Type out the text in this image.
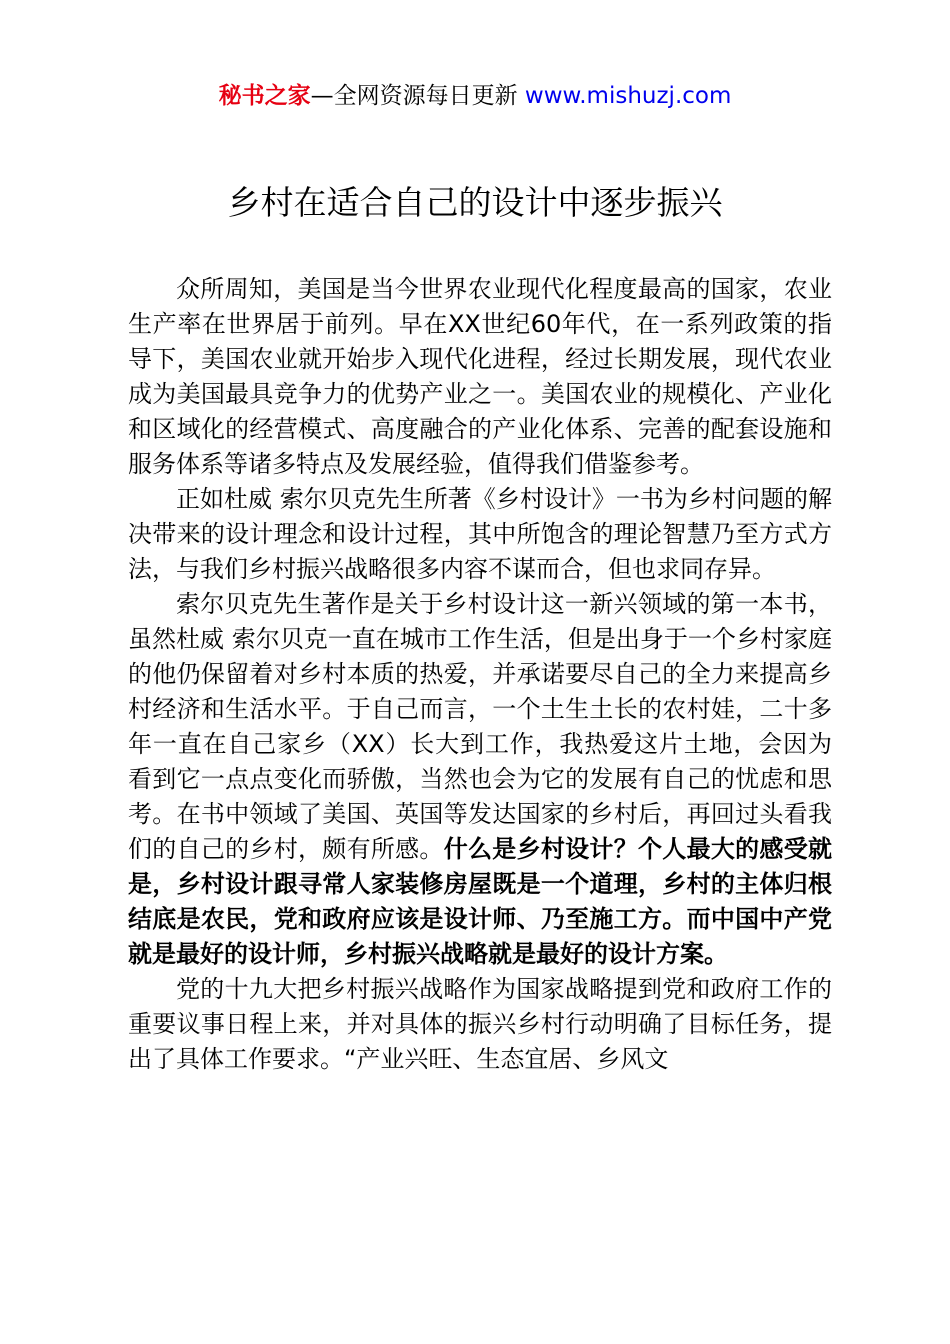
秘书之家—全网资源每日更新 www.mishuzj.com
乡村在适合自己的设计中逐步振兴

众所周知，美国是当今世界农业现代化程度最高的国家，农业生产率在世界居于前列。早在XX世纪60年代，在一系列政策的指导下，美国农业就开始步入现代化进程，经过长期发展，现代农业成为美国最具竞争力的优势产业之一。美国农业的规模化、产业化和区域化的经营模式、高度融合的产业化体系、完善的配套设施和服务体系等诸多特点及发展经验，值得我们借鉴参考。

正如杜威 索尔贝克先生所著《乡村设计》一书为乡村问题的解决带来的设计理念和设计过程，其中所饱含的理论智慧乃至方式方法，与我们乡村振兴战略很多内容不谋而合，但也求同存异。

索尔贝克先生著作是关于乡村设计这一新兴领域的第一本书，虽然杜威 索尔贝克一直在城市工作生活，但是出身于一个乡村家庭的他仍保留着对乡村本质的热爱，并承诺要尽自己的全力来提高乡村经济和生活水平。于自己而言，一个土生土长的农村娃，二十多年一直在自己家乡（XX）长大到工作，我热爱这片土地，会因为看到它一点点变化而骄傲，当然也会为它的发展有自己的忧虑和思考。在书中领域了美国、英国等发达国家的乡村后，再回过头看我们的自己的乡村，颇有所感。什么是乡村设计？个人最大的感受就是，乡村设计跟寻常人家装修房屋既是一个道理，乡村的主体归根结底是农民，党和政府应该是设计师、乃至施工方。而中国中产党就是最好的设计师，乡村振兴战略就是最好的设计方案。

党的十九大把乡村振兴战略作为国家战略提到党和政府工作的重要议事日程上来，并对具体的振兴乡村行动明确了目标任务，提出了具体工作要求。“产业兴旺、生态宜居、乡风文
